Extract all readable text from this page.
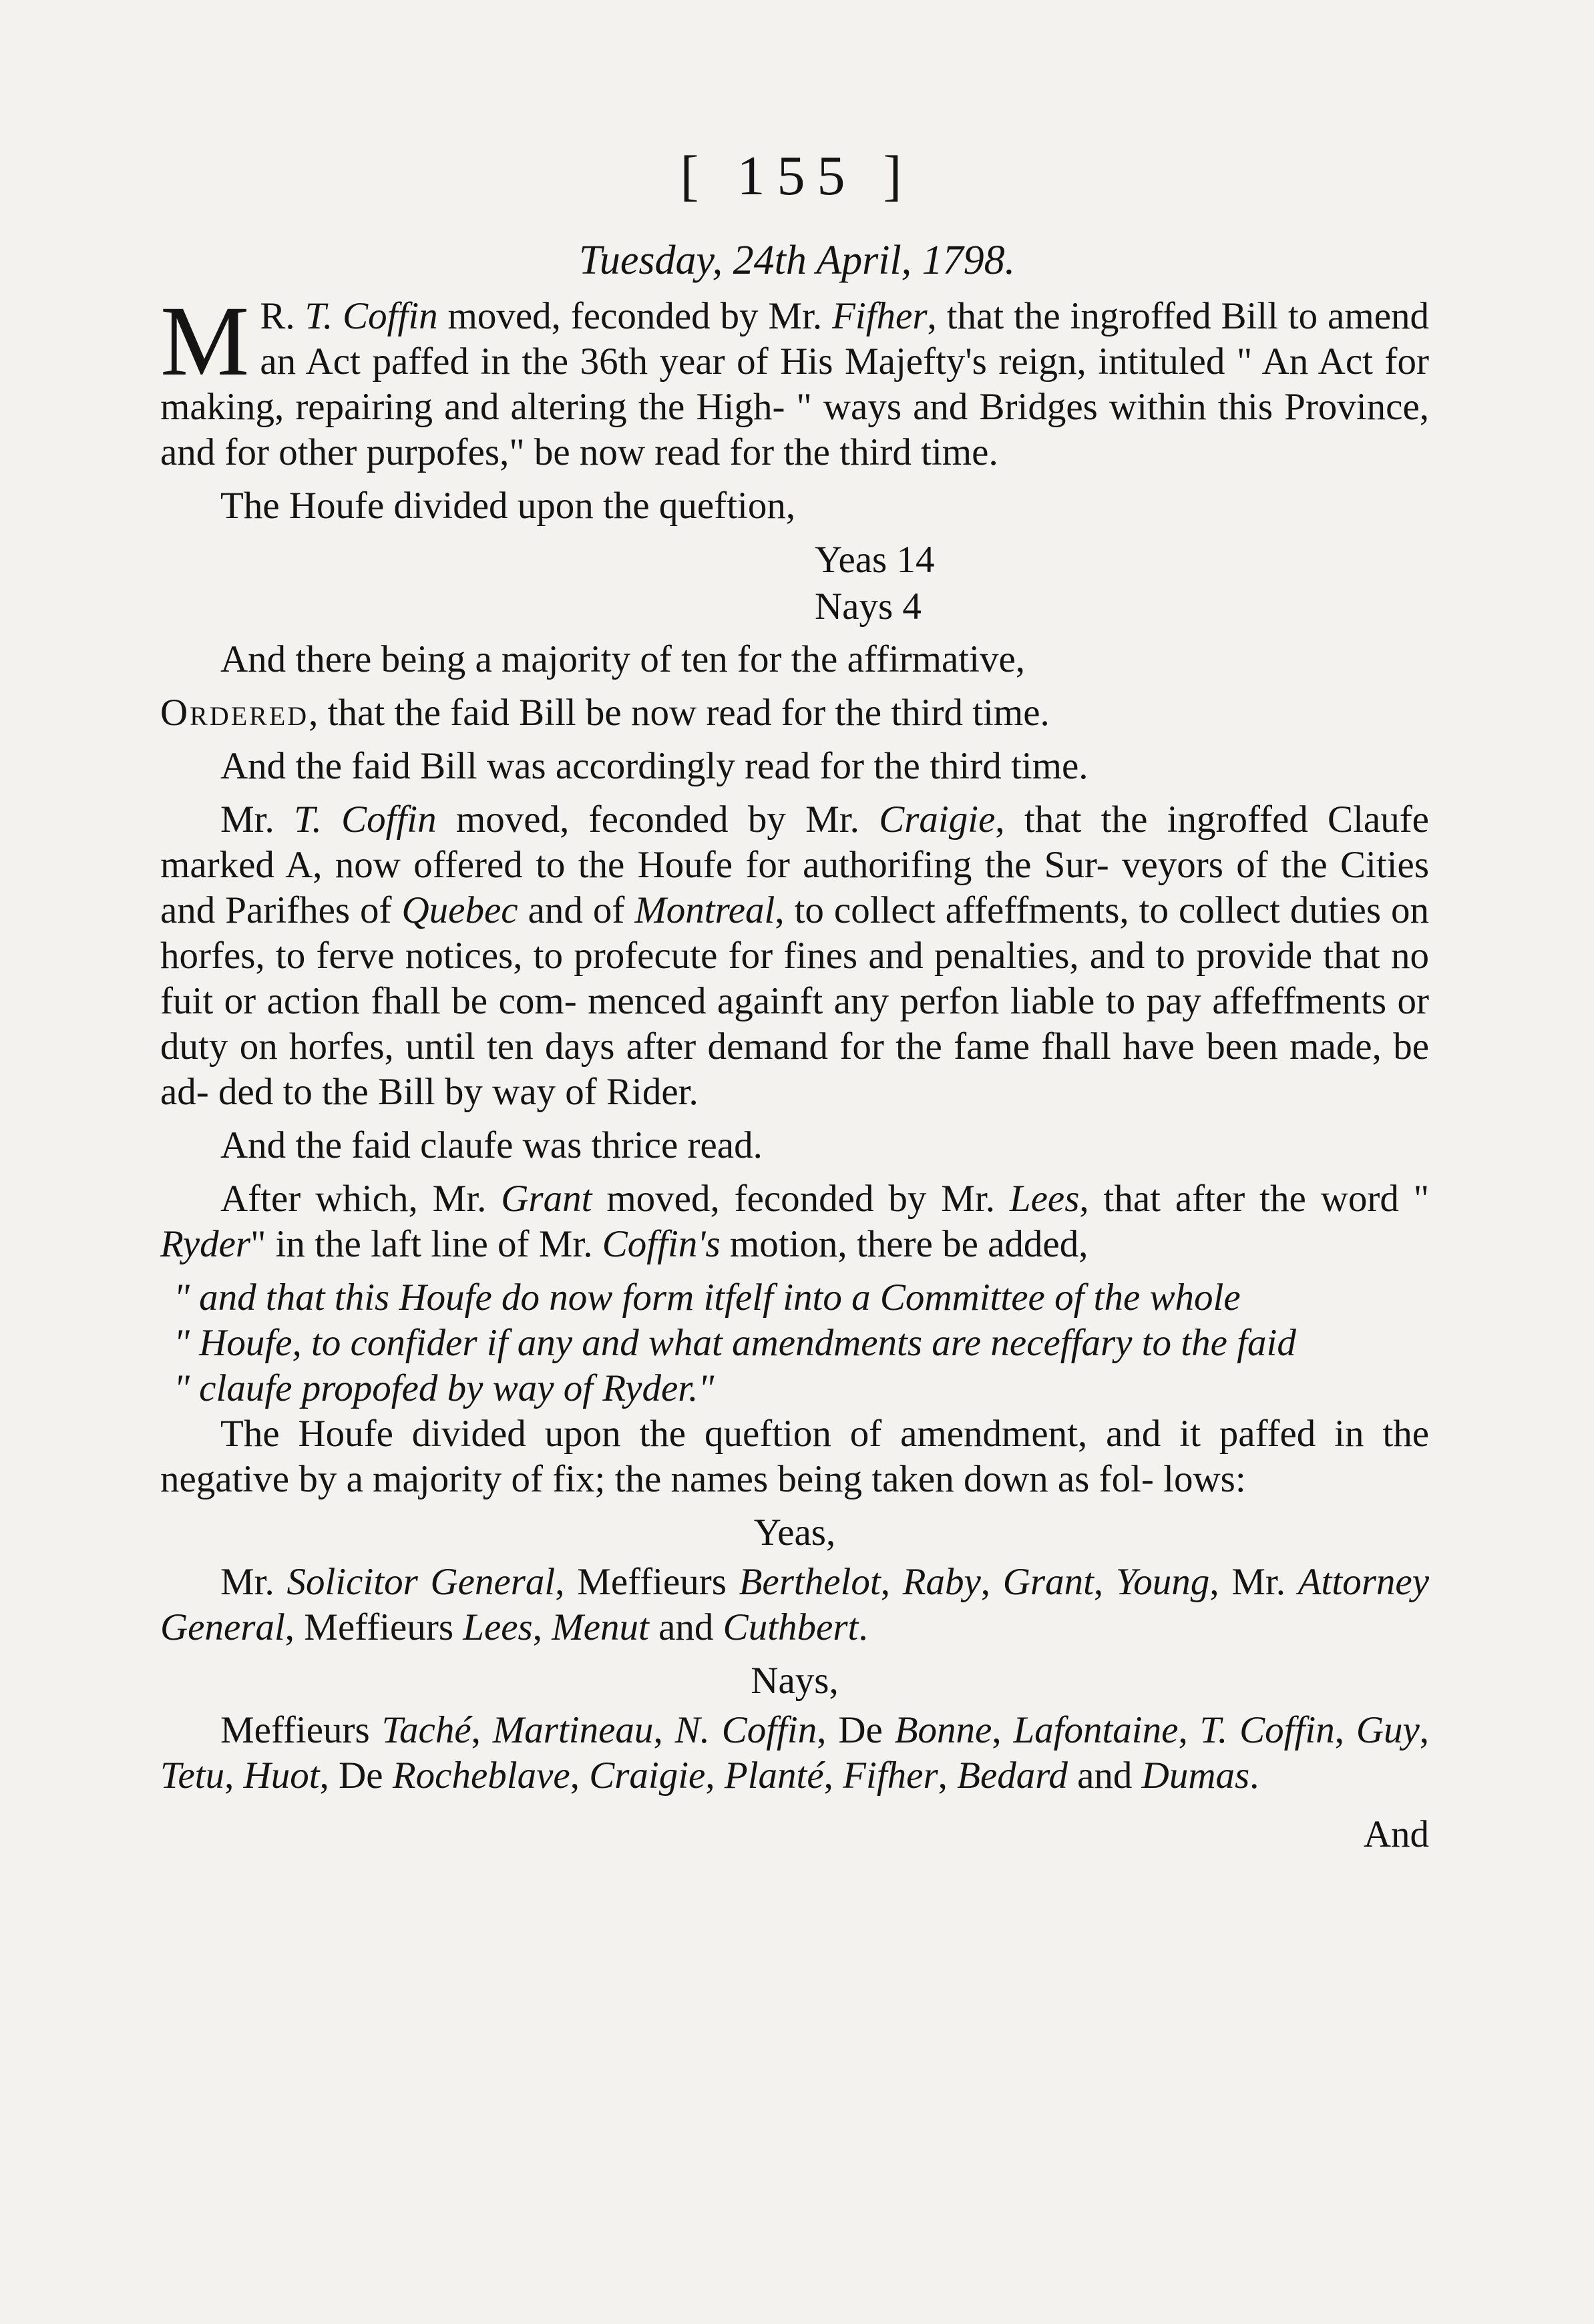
[ 155 ]
Tuesday, 24th April, 1798.

M R. T. Coffin moved, feconded by Mr. Fifher, that the ingroffed Bill to amend an Act paffed in the 36th year of His Majefty's reign, intituled " An Act for making, repairing and altering the High- " ways and Bridges within this Province, and for other purpofes," be now read for the third time.

The Houfe divided upon the queftion,

Yeas 14
Nays 4

And there being a majority of ten for the affirmative,

Ordered, that the faid Bill be now read for the third time.

And the faid Bill was accordingly read for the third time.

Mr. T. Coffin moved, feconded by Mr. Craigie, that the ingroffed Claufe marked A, now offered to the Houfe for authorifing the Sur- veyors of the Cities and Parifhes of Quebec and of Montreal, to collect affeffments, to collect duties on horfes, to ferve notices, to profecute for fines and penalties, and to provide that no fuit or action fhall be com- menced againft any perfon liable to pay affeffments or duty on horfes, until ten days after demand for the fame fhall have been made, be ad- ded to the Bill by way of Rider.

And the faid claufe was thrice read.

After which, Mr. Grant moved, feconded by Mr. Lees, that after the word " Ryder" in the laft line of Mr. Coffin's motion, there be added,

" and that this Houfe do now form itfelf into a Committee of the whole

" Houfe, to confider if any and what amendments are neceffary to the faid

" claufe propofed by way of Ryder."

The Houfe divided upon the queftion of amendment, and it paffed in the negative by a majority of fix; the names being taken down as fol- lows:

Yeas,

Mr. Solicitor General, Meffieurs Berthelot, Raby, Grant, Young, Mr. Attorney General, Meffieurs Lees, Menut and Cuthbert.

Nays,

Meffieurs Taché, Martineau, N. Coffin, De Bonne, Lafontaine, T. Coffin, Guy, Tetu, Huot, De Rocheblave, Craigie, Planté, Fifher, Bedard and Dumas.

And
